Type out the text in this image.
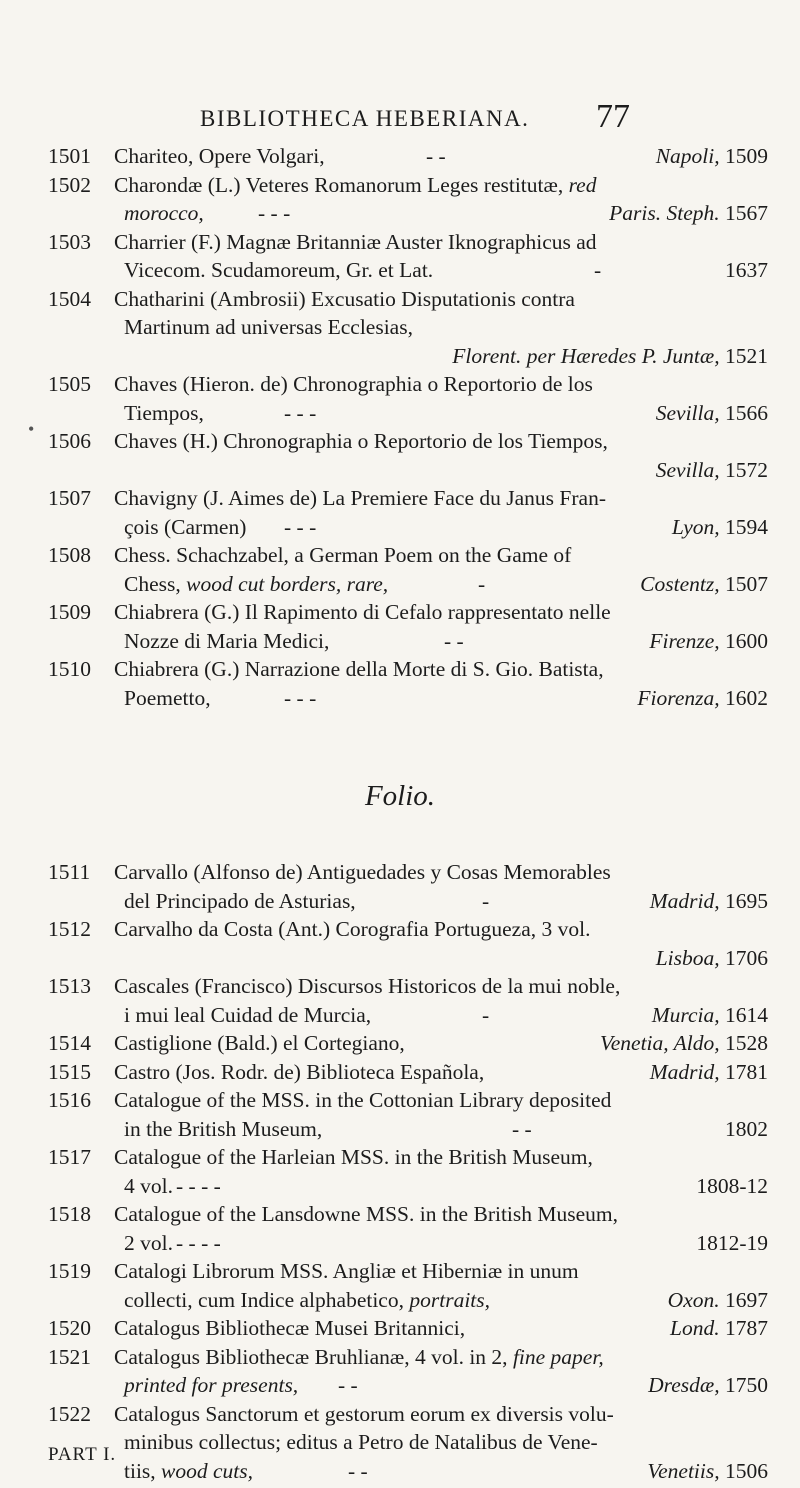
BIBLIOTHECA HEBERIANA. 77
•
1501	Chariteo, Opere Volgari,	- -	Napoli, 1509
1502	Charondæ (L.) Veteres Romanorum Leges restitutæ, red
morocco,	- - -	Paris. Steph. 1567
1503	Charrier (F.) Magnæ Britanniæ Auster Iknographicus ad
Vicecom. Scudamoreum, Gr. et Lat.	-	1637
1504	Chatharini (Ambrosii) Excusatio Disputationis contra
Martinum ad universas Ecclesias,
Florent. per Hæredes P. Juntæ, 1521
1505	Chaves (Hieron. de) Chronographia o Reportorio de los
Tiempos,	- - -	Sevilla, 1566
1506	Chaves (H.) Chronographia o Reportorio de los Tiempos,
Sevilla, 1572
1507	Chavigny (J. Aimes de) La Premiere Face du Janus Fran-
çois (Carmen) - - -	Lyon, 1594
1508	Chess. Schachzabel, a German Poem on the Game of
Chess, wood cut borders, rare,	-	Costentz, 1507
1509	Chiabrera (G.) Il Rapimento di Cefalo rappresentato nelle
Nozze di Maria Medici,	- -	Firenze, 1600
1510	Chiabrera (G.) Narrazione della Morte di S. Gio. Batista,
Poemetto,	- - -	Fiorenza, 1602
Folio.
1511	Carvallo (Alfonso de) Antiguedades y Cosas Memorables
del Principado de Asturias,	-	Madrid, 1695
1512	Carvalho da Costa (Ant.) Corografia Portugueza, 3 vol.
Lisboa, 1706
1513	Cascales (Francisco) Discursos Historicos de la mui noble,
i mui leal Cuidad de Murcia,	-	Murcia, 1614
1514	Castiglione (Bald.) el Cortegiano,	Venetia, Aldo, 1528
1515	Castro (Jos. Rodr. de) Biblioteca Española,	Madrid, 1781
1516	Catalogue of the MSS. in the Cottonian Library deposited
in the British Museum,	- -	1802
1517	Catalogue of the Harleian MSS. in the British Museum,
4 vol. - - - -	1808-12
1518	Catalogue of the Lansdowne MSS. in the British Museum,
2 vol. - - - -	1812-19
1519	Catalogi Librorum MSS. Angliæ et Hiberniæ in unum
collecti, cum Indice alphabetico, portraits,	Oxon. 1697
1520	Catalogus Bibliothecæ Musei Britannici,	Lond. 1787
1521	Catalogus Bibliothecæ Bruhlianæ, 4 vol. in 2, fine paper,
printed for presents, - -	Dresdæ, 1750
1522	Catalogus Sanctorum et gestorum eorum ex diversis volu-
minibus collectus; editus a Petro de Natalibus de Vene-
tiis, wood cuts,	- -	Venetiis, 1506
PART I.
